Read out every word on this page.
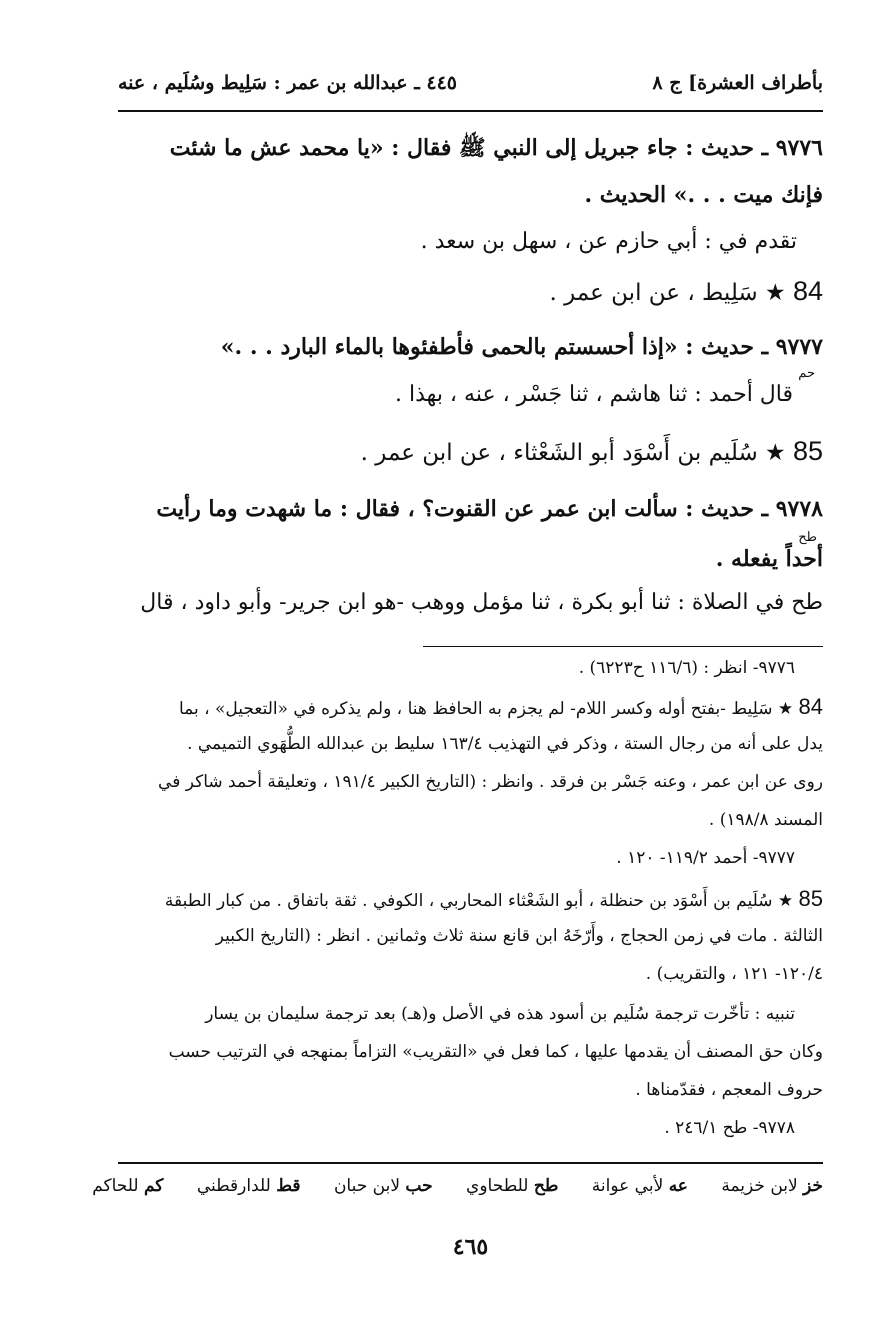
بأطراف العشرة] ج ٨
٤٤٥ ـ عبدالله بن عمر : سَلِيط وسُلَيم ، عنه
٩٧٧٦ ـ حديث : جاء جبريل إلى النبي ﷺ فقال : «يا محمد عش ما شئت
فإنك ميت . . .» الحديث .
تقدم في : أبي حازم عن ، سهل بن سعد .
84 ★ سَلِيط ، عن ابن عمر .
٩٧٧٧ ـ حديث : «إذا أحسستم بالحمى فأطفئوها بالماء البارد . . .»
حم
قال أحمد : ثنا هاشم ، ثنا جَسْر ، عنه ، بهذا .
85 ★ سُلَيم بن أَسْوَد أبو الشَعْثاء ، عن ابن عمر .
٩٧٧٨ ـ حديث : سألت ابن عمر عن القنوت؟ ، فقال : ما شهدت وما رأيت
طح
أحداً يفعله .
طح في الصلاة : ثنا أبو بكرة ، ثنا مؤمل ووهب -هو ابن جرير- وأبو داود ، قال
٩٧٧٦- انظر : (١١٦/٦ ح٦٢٢٣) .
84 ★ سَلِيط -بفتح أوله وكسر اللام- لم يجزم به الحافظ هنا ، ولم يذكره في «التعجيل» ، بما
يدل على أنه من رجال الستة ، وذكر في التهذيب ١٦٣/٤ سليط بن عبدالله الطُّهَوي التميمي .
روى عن ابن عمر ، وعنه جَسْر بن فرقد . وانظر : (التاريخ الكبير ١٩١/٤ ، وتعليقة أحمد شاكر في
المسند ١٩٨/٨) .
٩٧٧٧- أحمد ١١٩/٢- ١٢٠ .
85 ★ سُلَيم بن أَسْوَد بن حنظلة ، أبو الشَعْثاء المحاربي ، الكوفي . ثقة باتفاق . من كبار الطبقة
الثالثة . مات في زمن الحجاج ، وأَرّخَهُ ابن قانع سنة ثلاث وثمانين . انظر : (التاريخ الكبير
١٢٠/٤- ١٢١ ، والتقريب) .
تنبيه : تأخّرت ترجمة سُلَيم بن أسود هذه في الأصل و(هـ) بعد ترجمة سليمان بن يسار
وكان حق المصنف أن يقدمها عليها ، كما فعل في «التقريب» التزاماً بمنهجه في الترتيب حسب
حروف المعجم ، فقدّمناها .
٩٧٧٨- طح ٢٤٦/١ .
خز لابن خزيمة عه لأبي عوانة طح للطحاوي حب لابن حبان قط للدارقطني كم للحاكم
٤٦٥
